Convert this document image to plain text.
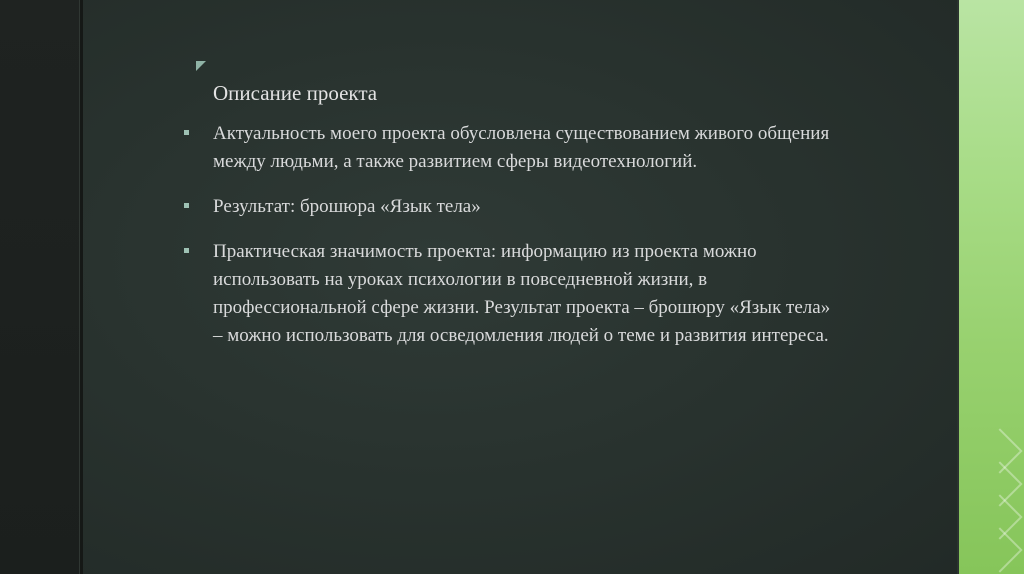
Описание проекта
Актуальность моего проекта обусловлена существованием живого общения между людьми, а также развитием сферы видеотехнологий.
Результат: брошюра «Язык тела»
Практическая значимость проекта: информацию из проекта можно использовать на уроках психологии в повседневной жизни, в профессиональной сфере жизни. Результат проекта – брошюру «Язык тела» – можно использовать для осведомления людей о теме и развития интереса.
